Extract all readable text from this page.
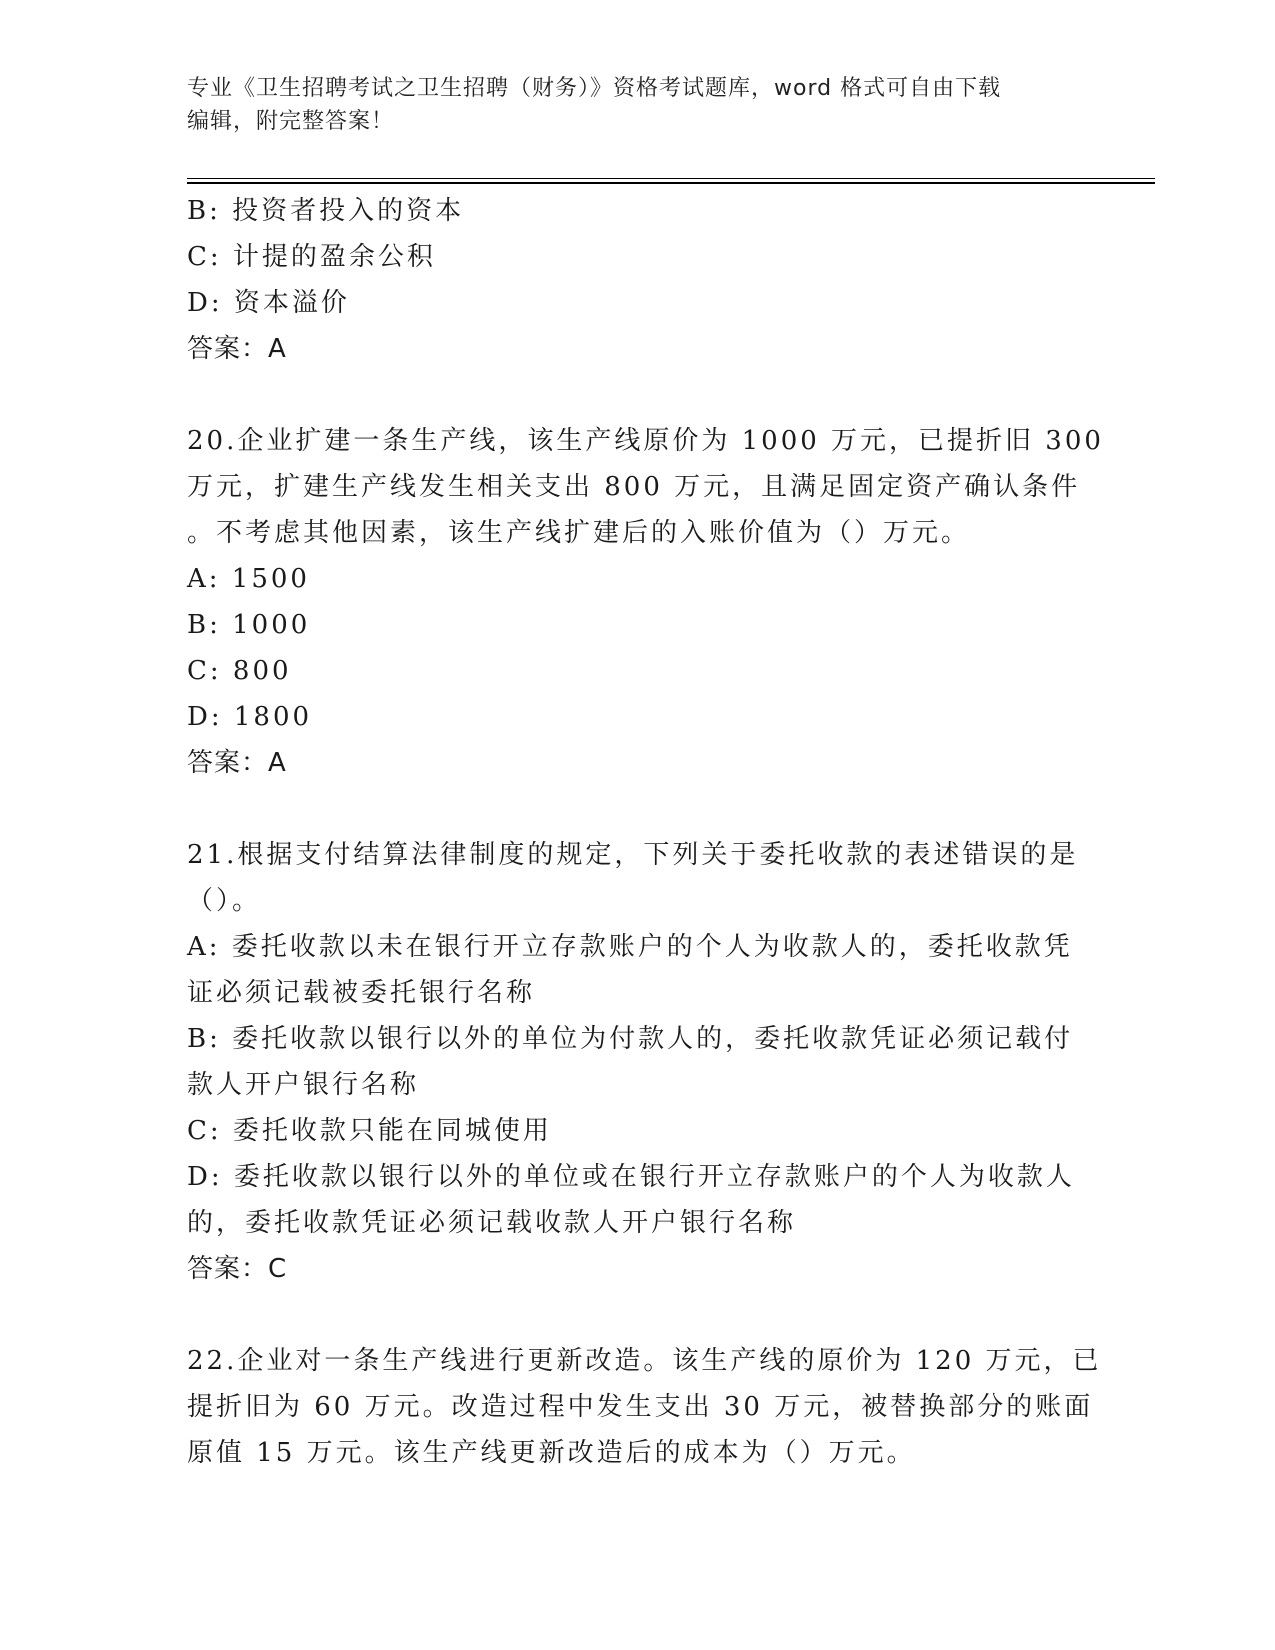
专业《卫生招聘考试之卫生招聘（财务）》资格考试题库，word 格式可自由下载
编辑，附完整答案！
B: 投资者投入的资本
C: 计提的盈余公积
D: 资本溢价
答案：A
20.企业扩建一条生产线，该生产线原价为 1000 万元，已提折旧 300
万元，扩建生产线发生相关支出 800 万元，且满足固定资产确认条件
。不考虑其他因素，该生产线扩建后的入账价值为（）万元。
A: 1500
B: 1000
C: 800
D: 1800
答案：A
21.根据支付结算法律制度的规定，下列关于委托收款的表述错误的是
（）。
A: 委托收款以未在银行开立存款账户的个人为收款人的，委托收款凭
证必须记载被委托银行名称
B: 委托收款以银行以外的单位为付款人的，委托收款凭证必须记载付
款人开户银行名称
C: 委托收款只能在同城使用
D: 委托收款以银行以外的单位或在银行开立存款账户的个人为收款人
的，委托收款凭证必须记载收款人开户银行名称
答案：C
22.企业对一条生产线进行更新改造。该生产线的原价为 120 万元，已
提折旧为 60 万元。改造过程中发生支出 30 万元，被替换部分的账面
原值 15 万元。该生产线更新改造后的成本为（）万元。
